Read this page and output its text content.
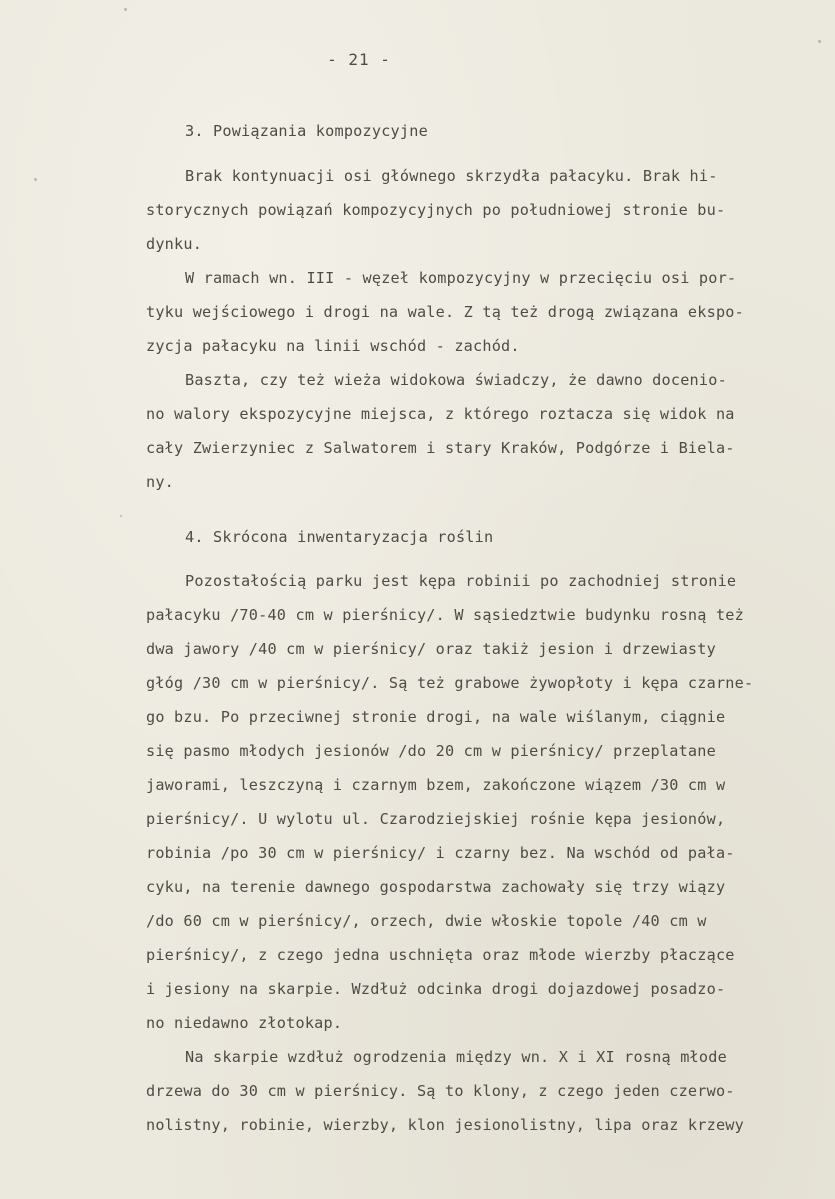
- 21 -
3. Powiązania kompozycyjne
Brak kontynuacji osi głównego skrzydła pałacyku. Brak hi-
storycznych powiązań kompozycyjnych po południowej stronie bu-
dynku.
W ramach wn. III - węzeł kompozycyjny w przecięciu osi por-
tyku wejściowego i drogi na wale. Z tą też drogą związana ekspo-
zycja pałacyku na linii wschód - zachód.
Baszta, czy też wieża widokowa świadczy, że dawno docenio-
no walory ekspozycyjne miejsca, z którego roztacza się widok na
cały Zwierzyniec z Salwatorem i stary Kraków, Podgórze i Biela-
ny.
4. Skrócona inwentaryzacja roślin
Pozostałością parku jest kępa robinii po zachodniej stronie
pałacyku /70-40 cm w pierśnicy/. W sąsiedztwie budynku rosną też
dwa jawory /40 cm w pierśnicy/ oraz takiż jesion i drzewiasty
głóg /30 cm w pierśnicy/. Są też grabowe żywopłoty i kępa czarne-
go bzu. Po przeciwnej stronie drogi, na wale wiślanym, ciągnie
się pasmo młodych jesionów /do 20 cm w pierśnicy/ przeplatane
jaworami, leszczyną i czarnym bzem, zakończone wiązem /30 cm w
pierśnicy/. U wylotu ul. Czarodziejskiej rośnie kępa jesionów,
robinia /po 30 cm w pierśnicy/ i czarny bez. Na wschód od pała-
cyku, na terenie dawnego gospodarstwa zachowały się trzy wiązy
/do 60 cm w pierśnicy/, orzech, dwie włoskie topole /40 cm w
pierśnicy/, z czego jedna uschnięta oraz młode wierzby płaczące
i jesiony na skarpie. Wzdłuż odcinka drogi dojazdowej posadzo-
no niedawno złotokap.
Na skarpie wzdłuż ogrodzenia między wn. X i XI rosną młode
drzewa do 30 cm w pierśnicy. Są to klony, z czego jeden czerwo-
nolistny, robinie, wierzby, klon jesionolistny, lipa oraz krzewy
